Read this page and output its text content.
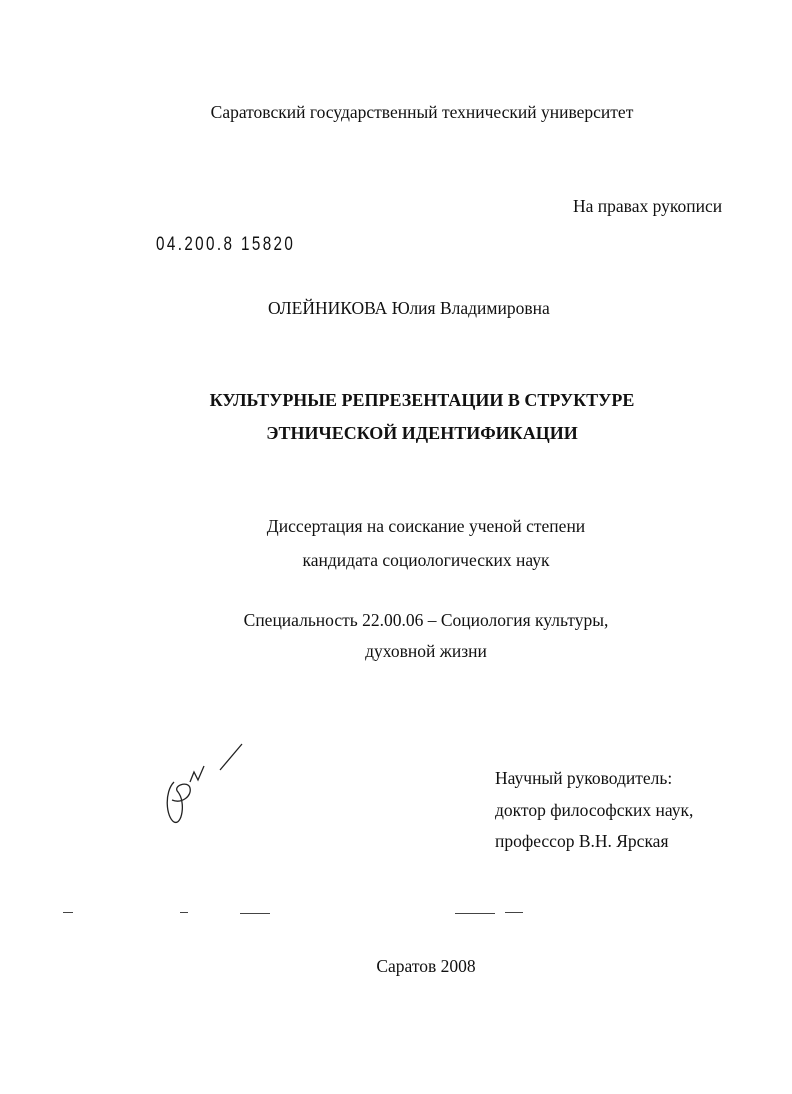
Саратовский государственный технический университет
На правах рукописи
04.200.8 15820
ОЛЕЙНИКОВА Юлия Владимировна
КУЛЬТУРНЫЕ РЕПРЕЗЕНТАЦИИ В СТРУКТУРЕ
ЭТНИЧЕСКОЙ ИДЕНТИФИКАЦИИ
Диссертация на соискание ученой степени
кандидата социологических наук
Специальность 22.00.06 – Социология культуры,
духовной жизни
Научный руководитель:
доктор философских наук,
профессор В.Н. Ярская
Саратов 2008
